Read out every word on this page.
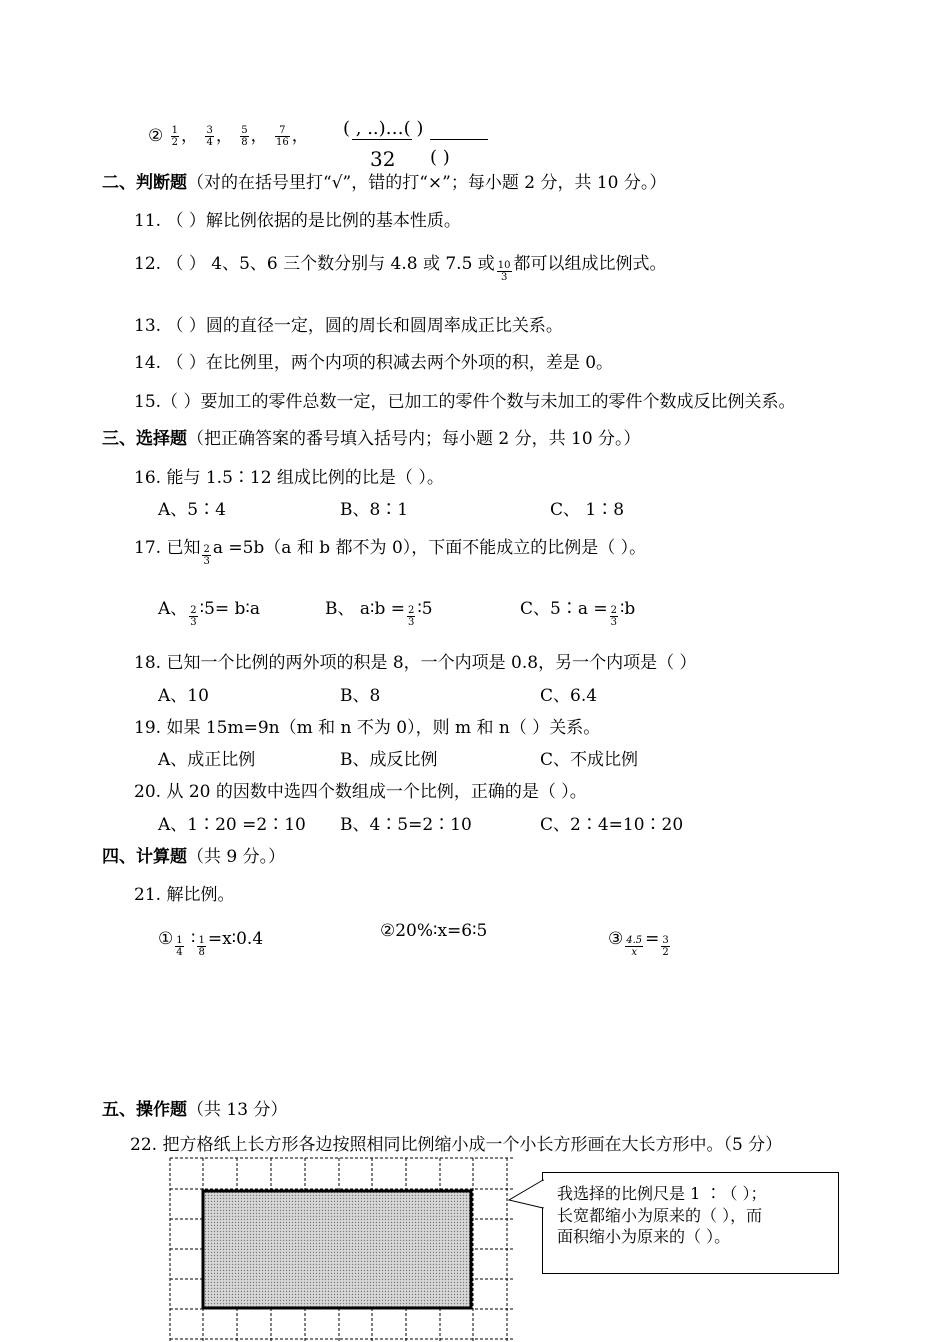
② $\frac{1}{2}$ ， $\frac{3}{4}$ ， $\frac{5}{8}$ ， $\frac{7}{16}$ ， ( , ..)…( )
32 ( )
二、判断题（对的在括号里打“√”，错的打“×”；每小题 2 分，共 10 分。）
11. （ ）解比例依据的是比例的基本性质。
12. （ ） 4、5、6 三个数分别与 4.8 或 7.5 或 $\frac{10}{3}$ 都可以组成比例式。
13. （ ）圆的直径一定，圆的周长和圆周率成正比关系。
14. （ ）在比例里，两个内项的积减去两个外项的积，差是 0。
15.（ ）要加工的零件总数一定，已加工的零件个数与未加工的零件个数成反比例关系。
三、选择题（把正确答案的番号填入括号内；每小题 2 分，共 10 分。）
16. 能与 1.5∶12 组成比例的比是（ ）。
A、5∶4	B、8∶1	C、 1∶8
17. 已知 $\frac{2}{3}$ a =5b（a 和 b 都不为 0），下面不能成立的比例是（ ）。
A、 $\frac{2}{3}$ ∶5= b∶a	B、 a∶b = $\frac{2}{3}$ ∶5	C、5∶a = $\frac{2}{3}$ ∶b
18. 已知一个比例的两外项的积是 8，一个内项是 0.8，另一个内项是（ ）
A、10	B、8	C、6.4
19. 如果 15m=9n（m 和 n 不为 0），则 m 和 n（ ）关系。
A、成正比例	B、成反比例	C、不成比例
20. 从 20 的因数中选四个数组成一个比例，正确的是（ ）。
A、1∶20 =2∶10 B、4∶5=2∶10	C、2∶4=10∶20
四、计算题（共 9 分。）
21. 解比例。
① $\frac{1}{4}$ ∶ $\frac{1}{8}$ =x∶0.4	②20%∶x=6∶5	③ $\frac{4.5}{x} = \frac{3}{2}$
五、操作题（共 13 分）
22. 把方格纸上长方形各边按照相同比例缩小成一个小长方形画在大长方形中。（5 分）
我选择的比例尺是 1 ∶（ ）；
长宽都缩小为原来的（ ），而
面积缩小为原来的（ ）。
